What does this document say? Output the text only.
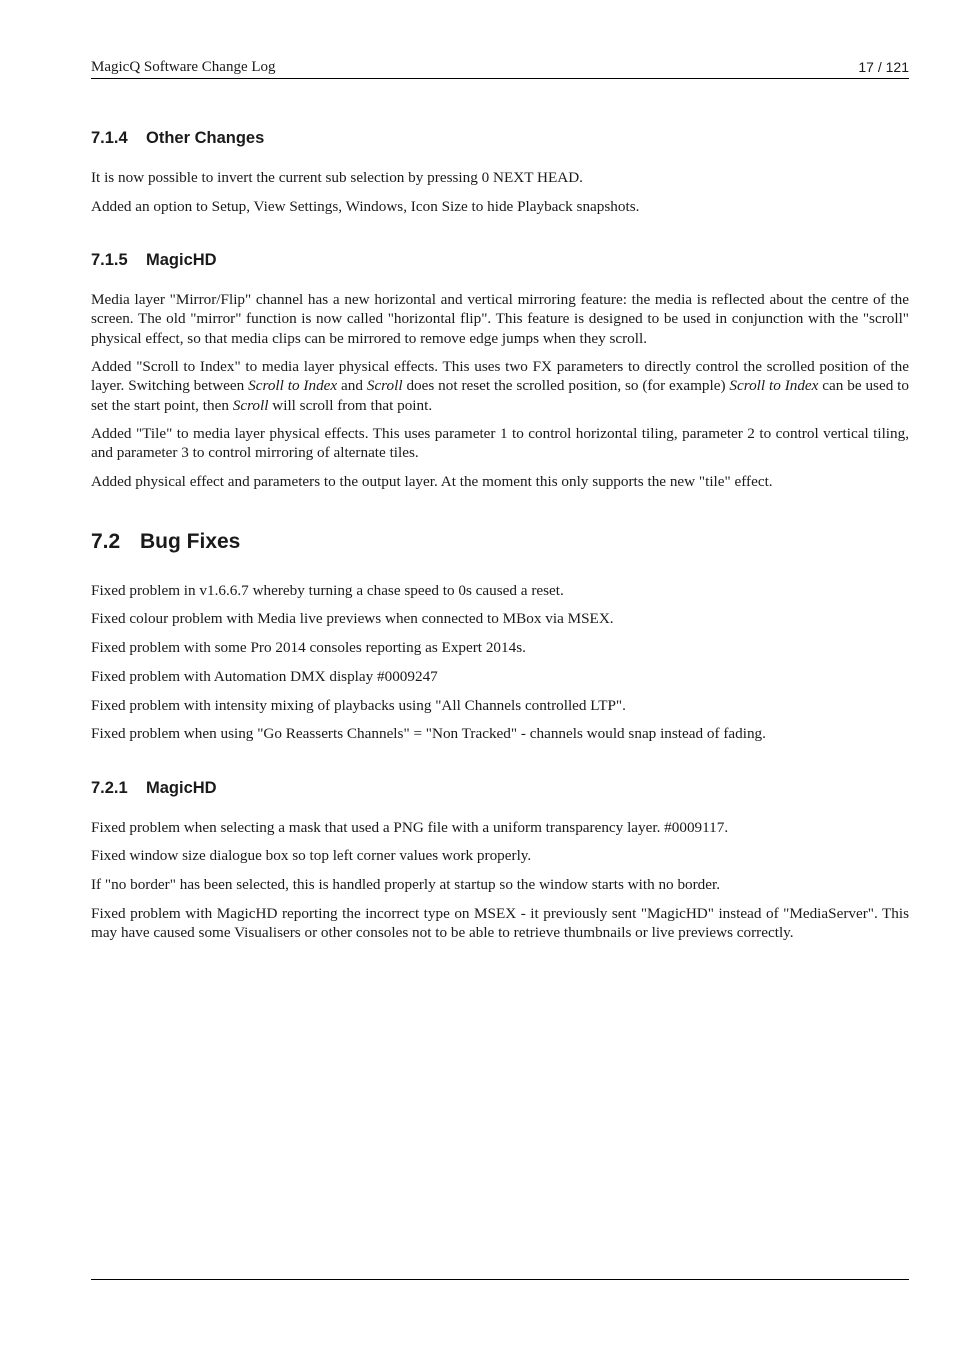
MagicQ Software Change Log	17 / 121
7.1.4 Other Changes

It is now possible to invert the current sub selection by pressing 0 NEXT HEAD.

Added an option to Setup, View Settings, Windows, Icon Size to hide Playback snapshots.

7.1.5 MagicHD

Media layer "Mirror/Flip" channel has a new horizontal and vertical mirroring feature: the media is reflected about the centre of the screen. The old "mirror" function is now called "horizontal flip". This feature is designed to be used in conjunction with the "scroll" physical effect, so that media clips can be mirrored to remove edge jumps when they scroll.

Added "Scroll to Index" to media layer physical effects. This uses two FX parameters to directly control the scrolled position of the layer. Switching between Scroll to Index and Scroll does not reset the scrolled position, so (for example) Scroll to Index can be used to set the start point, then Scroll will scroll from that point.

Added "Tile" to media layer physical effects. This uses parameter 1 to control horizontal tiling, parameter 2 to control vertical tiling, and parameter 3 to control mirroring of alternate tiles.

Added physical effect and parameters to the output layer. At the moment this only supports the new "tile" effect.

7.2 Bug Fixes

Fixed problem in v1.6.6.7 whereby turning a chase speed to 0s caused a reset.

Fixed colour problem with Media live previews when connected to MBox via MSEX.

Fixed problem with some Pro 2014 consoles reporting as Expert 2014s.

Fixed problem with Automation DMX display #0009247

Fixed problem with intensity mixing of playbacks using "All Channels controlled LTP".

Fixed problem when using "Go Reasserts Channels" = "Non Tracked" - channels would snap instead of fading.

7.2.1 MagicHD

Fixed problem when selecting a mask that used a PNG file with a uniform transparency layer. #0009117.

Fixed window size dialogue box so top left corner values work properly.

If "no border" has been selected, this is handled properly at startup so the window starts with no border.

Fixed problem with MagicHD reporting the incorrect type on MSEX - it previously sent "MagicHD" instead of "MediaServer". This may have caused some Visualisers or other consoles not to be able to retrieve thumbnails or live previews correctly.
